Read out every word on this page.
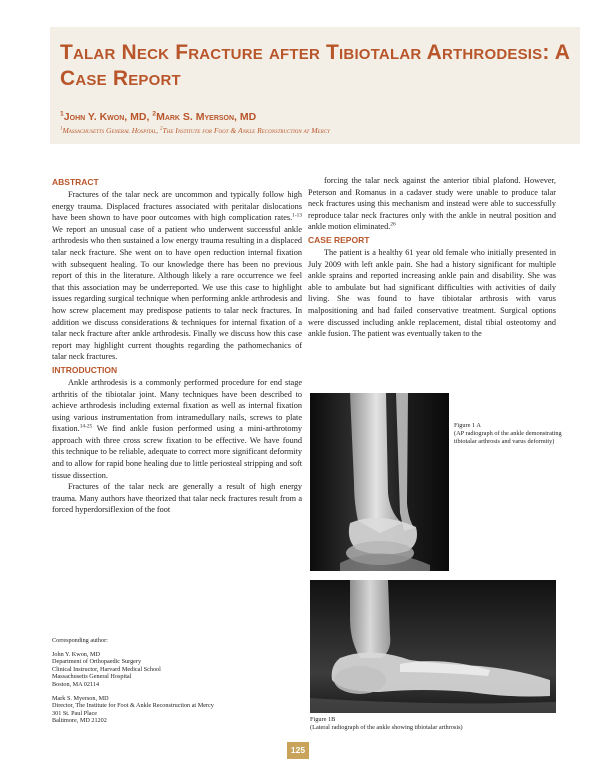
Talar Neck Fracture after Tibiotalar Arthrodesis: A Case Report
$^1$John Y. Kwon, MD, $^2$Mark S. Myerson, MD
$^1$Massachusetts General Hospital, $^2$The Institute for Foot & Ankle Reconstruction at Mercy
ABSTRACT

Fractures of the talar neck are uncommon and typically follow high energy trauma. Displaced fractures associated with peritalar dislocations have been shown to have poor outcomes with high complication rates.$^{1-13}$ We report an unusual case of a patient who underwent successful ankle arthrodesis who then sustained a low energy trauma resulting in a displaced talar neck fracture. She went on to have open reduction internal fixation with subsequent healing. To our knowledge there has been no previous report of this in the literature. Although likely a rare occurrence we feel that this association may be underreported. We use this case to highlight issues regarding surgical technique when performing ankle arthrodesis and how screw placement may predispose patients to talar neck fractures. In addition we discuss considerations & techniques for internal fixation of a talar neck fracture after ankle arthrodesis. Finally we discuss how this case report may highlight current thoughts regarding the pathomechanics of talar neck fractures.

INTRODUCTION

Ankle arthrodesis is a commonly performed procedure for end stage arthritis of the tibiotalar joint. Many techniques have been described to achieve arthrodesis including external fixation as well as internal fixation using various instrumentation from intramedullary nails, screws to plate fixation.$^{14-25}$ We find ankle fusion performed using a mini-arthrotomy approach with three cross screw fixation to be effective. We have found this technique to be reliable, adequate to correct more significant deformity and to allow for rapid bone healing due to little periosteal stripping and soft tissue dissection.

Fractures of the talar neck are generally a result of high energy trauma. Many authors have theorized that talar neck fractures result from a forced hyperdorsiflexion of the foot

forcing the talar neck against the anterior tibial plafond. However, Peterson and Romanus in a cadaver study were unable to produce talar neck fractures using this mechanism and instead were able to successfully reproduce talar neck fractures only with the ankle in neutral position and ankle motion eliminated.$^{26}$

CASE REPORT

The patient is a healthy 61 year old female who initially presented in July 2009 with left ankle pain. She had a history significant for multiple ankle sprains and reported increasing ankle pain and disability. She was able to ambulate but had significant difficulties with activities of daily living. She was found to have tibiotalar arthrosis with varus malpositioning and had failed conservative treatment. Surgical options were discussed including ankle replacement, distal tibial osteotomy and ankle fusion. The patient was eventually taken to the

Figure 1 A
(AP radiograph of the ankle demonstrating tibiotalar arthrosis and varus deformity)
Figure 1B
(Lateral radiograph of the ankle showing tibiotalar arthrosis)
Corresponding author:
John Y. Kwon, MD
Department of Orthopaedic Surgery
Clinical Instructor, Harvard Medical School
Massachusetts General Hospital
Boston, MA 02114
Mark S. Myerson, MD
Director, The Institute for Foot & Ankle Reconstruction at Mercy
301 St. Paul Place
Baltimore, MD 21202
125
